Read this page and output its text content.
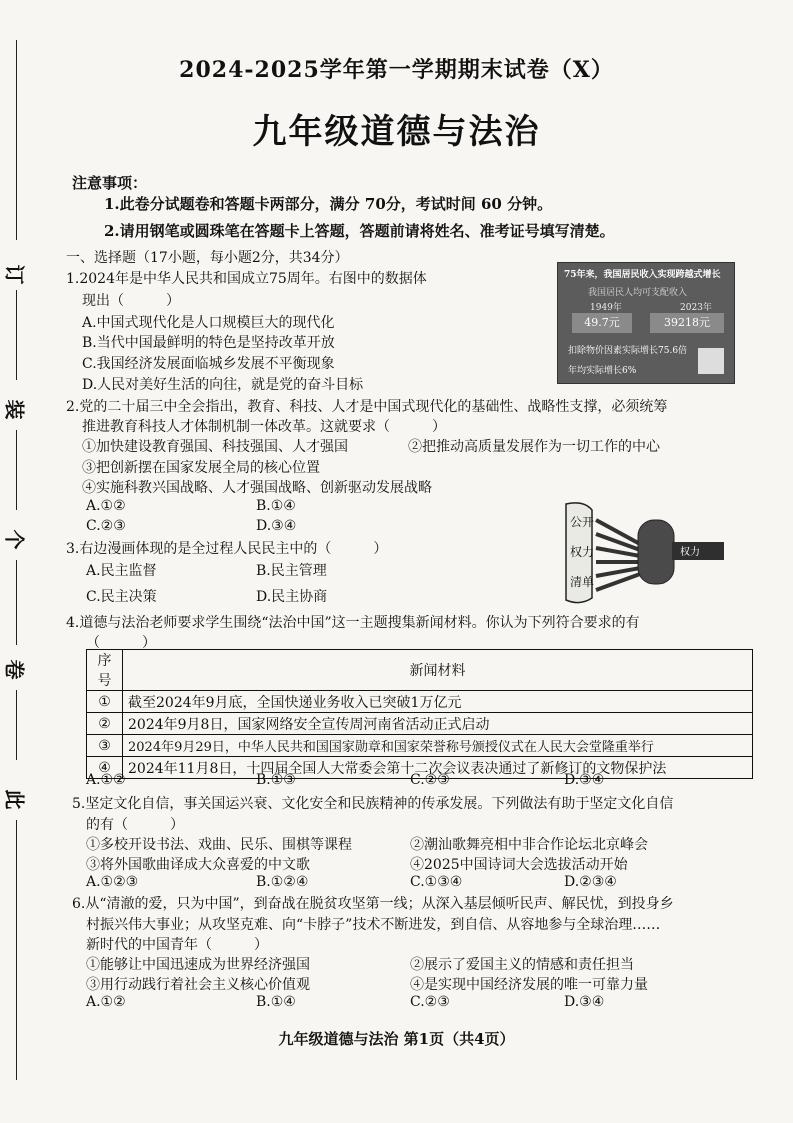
订
装
个
卷
此
2024-2025学年第一学期期末试卷（X）
九年级道德与法治
注意事项：
1.此卷分试题卷和答题卡两部分，满分 70分，考试时间 60 分钟。
2.请用钢笔或圆珠笔在答题卡上答题，答题前请将姓名、准考证号填写清楚。
一、选择题（17小题，每小题2分，共34分）
1.2024年是中华人民共和国成立75周年。右图中的数据体
现出（　　　）
A.中国式现代化是人口规模巨大的现代化
B.当代中国最鲜明的特色是坚持改革开放
C.我国经济发展面临城乡发展不平衡现象
D.人民对美好生活的向往，就是党的奋斗目标
75年来，我国居民收入实现跨越式增长
我国居民人均可支配收入
1949年	2023年
49.7元	39218元
扣除物价因素实际增长75.6倍
年均实际增长6%
2.党的二十届三中全会指出，教育、科技、人才是中国式现代化的基础性、战略性支撑，必须统筹
推进教育科技人才体制机制一体改革。这就要求（　　　）
①加快建设教育强国、科技强国、人才强国	②把推动高质量发展作为一切工作的中心
③把创新摆在国家发展全局的核心位置
④实施科教兴国战略、人才强国战略、创新驱动发展战略
A.①②	B.①④
C.②③	D.③④
3.右边漫画体现的是全过程人民民主中的（　　　）
A.民主监督	B.民主管理
C.民主决策	D.民主协商
公开
权力
清单
权力
4.道德与法治老师要求学生围绕“法治中国”这一主题搜集新闻材料。你认为下列符合要求的有
（　　　）
序号	新闻材料
①	截至2024年9月底，全国快递业务收入已突破1万亿元
②	2024年9月8日，国家网络安全宣传周河南省活动正式启动
③	2024年9月29日，中华人民共和国国家勋章和国家荣誉称号颁授仪式在人民大会堂隆重举行
④	2024年11月8日，十四届全国人大常委会第十二次会议表决通过了新修订的文物保护法
A.①②	B.①③	C.②③	D.③④
5.坚定文化自信，事关国运兴衰、文化安全和民族精神的传承发展。下列做法有助于坚定文化自信
的有（　　　）
①多校开设书法、戏曲、民乐、围棋等课程	②潮汕歌舞亮相中非合作论坛北京峰会
③将外国歌曲译成大众喜爱的中文歌	④2025中国诗词大会选拔活动开始
A.①②③	B.①②④	C.①③④	D.②③④
6.从“清澈的爱，只为中国”，到奋战在脱贫攻坚第一线；从深入基层倾听民声、解民忧，到投身乡
村振兴伟大事业；从攻坚克难、向“卡脖子”技术不断进发，到自信、从容地参与全球治理……
新时代的中国青年（　　　）
①能够让中国迅速成为世界经济强国	②展示了爱国主义的情感和责任担当
③用行动践行着社会主义核心价值观	④是实现中国经济发展的唯一可靠力量
A.①②	B.①④	C.②③	D.③④
九年级道德与法治 第1页（共4页）
